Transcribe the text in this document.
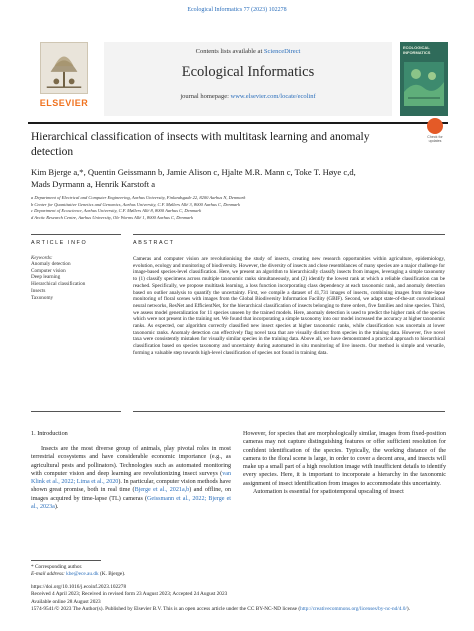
Ecological Informatics 77 (2023) 102278
ELSEVIER
Contents lists available at ScienceDirect
Ecological Informatics
journal homepage: www.elsevier.com/locate/ecolinf
ECOLOGICAL INFORMATICS
Hierarchical classification of insects with multitask learning and anomaly detection
Check for updates
Kim Bjerge a,*, Quentin Geissmann b, Jamie Alison c, Hjalte M.R. Mann c, Toke T. Høye c,d,
Mads Dyrmann a, Henrik Karstoft a
a Department of Electrical and Computer Engineering, Aarhus University, Finlandsgade 22, 8200 Aarhus N, Denmark
b Center for Quantitative Genetics and Genomics, Aarhus University, C.F. Møllers Allé 3, 8000 Aarhus C, Denmark
c Department of Ecoscience, Aarhus University, C.F. Møllers Allé 8, 8000 Aarhus C, Denmark
d Arctic Research Centre, Aarhus University, Ole Worms Allé 1, 8000 Aarhus C, Denmark
ARTICLE INFO
Keywords:
Anomaly detection
Computer vision
Deep learning
Hierarchical classification
Insects
Taxonomy
ABSTRACT
Cameras and computer vision are revolutionising the study of insects, creating new research opportunities within agriculture, epidemiology, evolution, ecology and monitoring of biodiversity. However, the diversity of insects and close resemblances of many species are a major challenge for image-based species-level classification. Here, we present an algorithm to hierarchically classify insects from images, leveraging a simple taxonomy to (1) classify specimens across multiple taxonomic ranks simultaneously, and (2) identify the lowest rank at which a reliable classification can be reached. Specifically, we propose multitask learning, a loss function incorporating class dependency at each taxonomic rank, and anomaly detection based on outlier analysis to quantify the uncertainty. First, we compile a dataset of 41,731 images of insects, combining images from time-lapse monitoring of floral scenes with images from the Global Biodiversity Information Facility (GBIF). Second, we adapt state-of-the-art convolutional neural networks, ResNet and EfficientNet, for the hierarchical classification of insects belonging to three orders, five families and nine species. Third, we assess model generalization for 11 species unseen by the trained models. Here, anomaly detection is used to predict the higher rank of the species which were not present in the training set. We found that incorporating a simple taxonomy into our model increased the accuracy at higher taxonomic ranks. As expected, our algorithm correctly classified new insect species at higher taxonomic ranks, while classification was uncertain at lower taxonomic ranks. Anomaly detection can effectively flag novel taxa that are visually distinct from species in the training data. However, five novel taxa were consistently mistaken for visually similar species in the training data. Above all, we have demonstrated a practical approach to hierarchical classification based on species taxonomy and uncertainty during automated in situ monitoring of live insects. Our method is simple and versatile, forming a valuable step towards high-level classification of species not found in training data.
1. Introduction
Insects are the most diverse group of animals, play pivotal roles in most terrestrial ecosystems and have considerable economic importance (e.g., as agricultural pests and pollinators). Technologies such as automated monitoring with computer vision and deep learning are revolutionizing insect surveys (van Klink et al., 2022; Lima et al., 2020). In particular, computer vision methods have shown great promise, both in real time (Bjerge et al., 2021a,b) and offline, on images acquired by time-lapse (TL) cameras (Geissmann et al., 2022; Bjerge et al., 2023a).
However, for species that are morphologically similar, images from fixed-position cameras may not capture distinguishing features or offer sufficient resolution for confident identification of the species. Typically, the working distance of the camera to the floral scene is large, in order to cover a decent area, and insects will make up a small part of a high resolution image with insufficient details to identify every species. Here, it is important to incorporate a hierarchy in the taxonomic assignment of insect identification from images to accommodate this uncertainty.
Automation is essential for spatiotemporal upscaling of insect
* Corresponding author.
E-mail address: kbe@ece.au.dk (K. Bjerge).
https://doi.org/10.1016/j.ecoinf.2023.102278
Received 4 April 2023; Received in revised form 23 August 2023; Accepted 24 August 2023
Available online 28 August 2023
1574-9541/© 2023 The Author(s). Published by Elsevier B.V. This is an open access article under the CC BY-NC-ND license (http://creativecommons.org/licenses/by-nc-nd/4.0/).
